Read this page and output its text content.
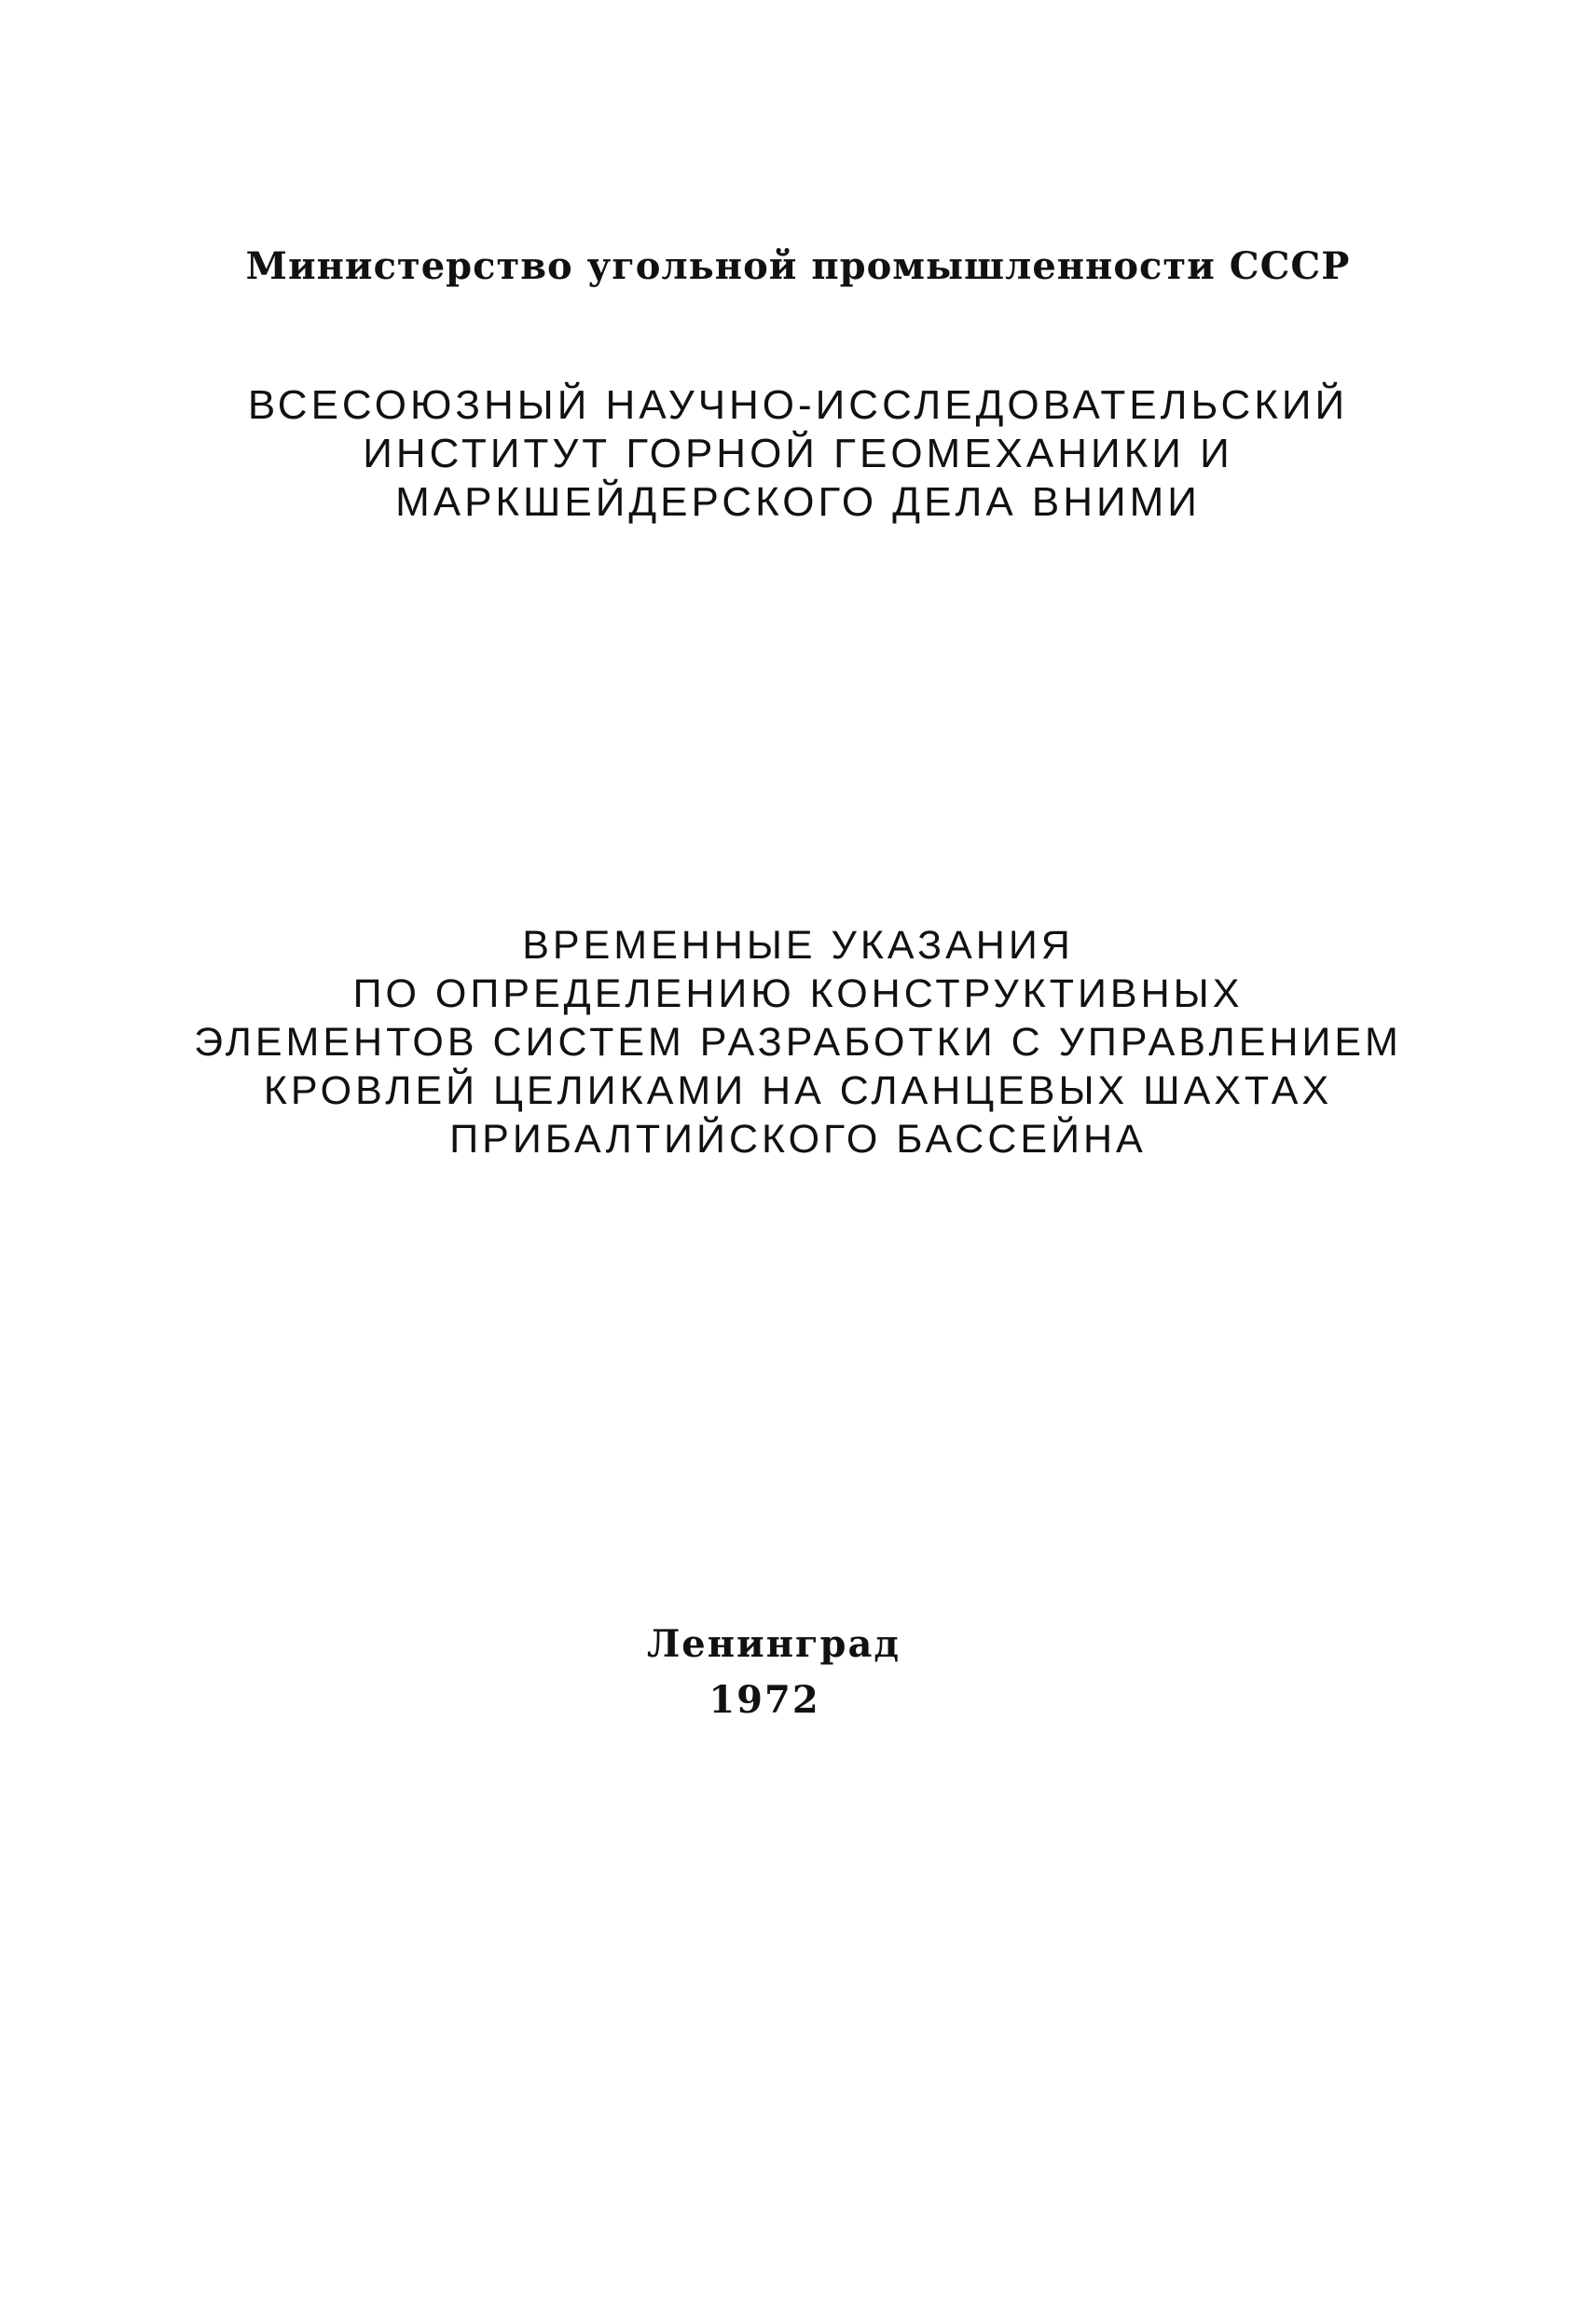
Министерство угольной промышленности СССР

ВСЕСОЮЗНЫЙ НАУЧНО-ИССЛЕДОВАТЕЛЬСКИЙ

ИНСТИТУТ ГОРНОЙ ГЕОМЕХАНИКИ И

МАРКШЕЙДЕРСКОГО ДЕЛА ВНИМИ

ВРЕМЕННЫЕ УКАЗАНИЯ

ПО ОПРЕДЕЛЕНИЮ КОНСТРУКТИВНЫХ

ЭЛЕМЕНТОВ СИСТЕМ РАЗРАБОТКИ С УПРАВЛЕНИЕМ

КРОВЛЕЙ ЦЕЛИКАМИ НА СЛАНЦЕВЫХ ШАХТАХ

ПРИБАЛТИЙСКОГО БАССЕЙНА

Ленинград

1972
